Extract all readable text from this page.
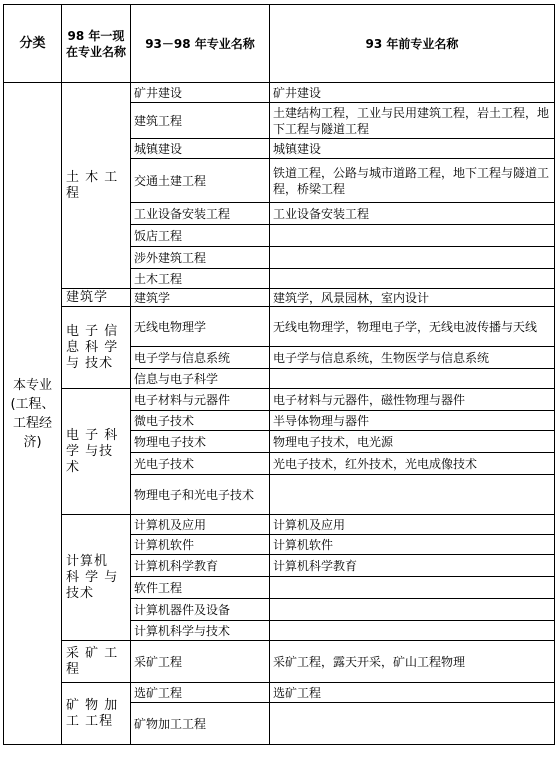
分类	98 年一现在专业名称	93－98 年专业名称	93 年前专业名称
本专业(工程、工程经济)	土 木 工 程	矿井建设	矿井建设
		建筑工程	土建结构工程，工业与民用建筑工程，岩土工程，地下工程与隧道工程
		城镇建设	城镇建设
		交通土建工程	铁道工程，公路与城市道路工程，地下工程与隧道工程，桥梁工程
		工业设备安装工程	工业设备安装工程
		饭店工程	
		涉外建筑工程	
		土木工程	
	建筑学	建筑学	建筑学，风景园林，室内设计
	电 子 信 息 科 学 与 技术	无线电物理学	无线电物理学，物理电子学，无线电波传播与天线
		电子学与信息系统	电子学与信息系统，生物医学与信息系统
		信息与电子科学	
	电 子 科 学 与技术	电子材料与元器件	电子材料与元器件，磁性物理与器件
		微电子技术	半导体物理与器件
		物理电子技术	物理电子技术，电光源
		光电子技术	光电子技术，红外技术，光电成像技术
		物理电子和光电子技术	
	计算机 科 学 与 技术	计算机及应用	计算机及应用
		计算机软件	计算机软件
		计算机科学教育	计算机科学教育
		软件工程	
		计算机器件及设备	
		计算机科学与技术	
	采 矿 工 程	采矿工程	采矿工程，露天开采，矿山工程物理
	矿 物 加 工 工程	选矿工程	选矿工程
		矿物加工工程	
